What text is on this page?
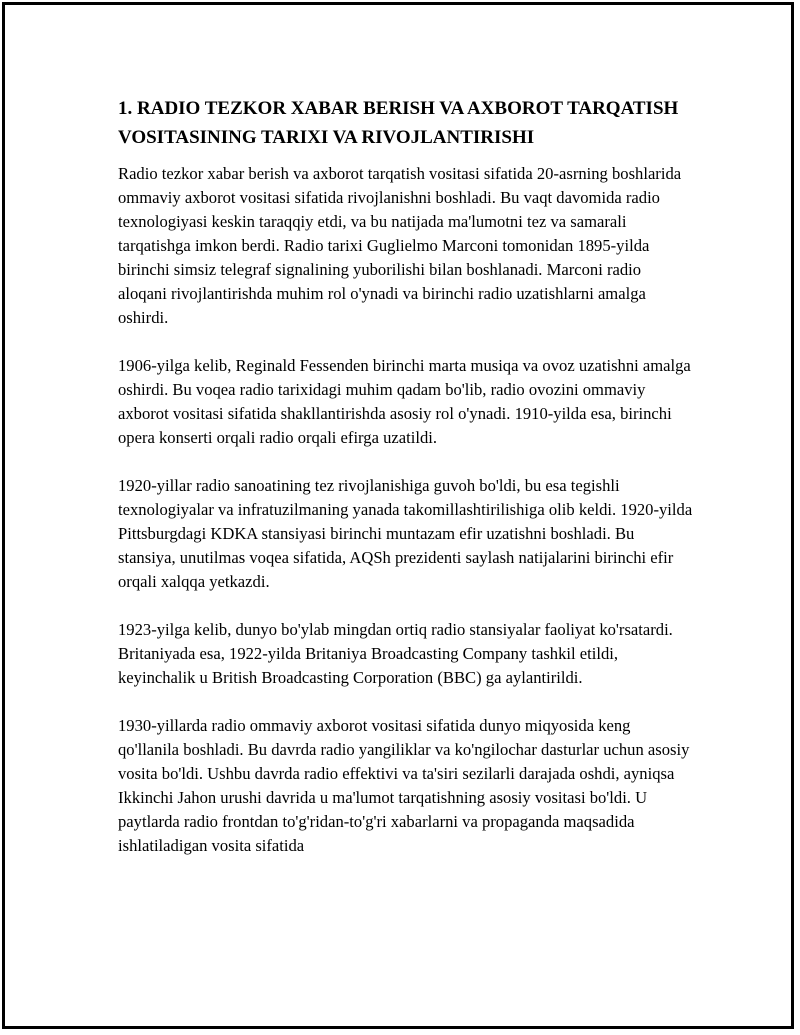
1. RADIO TEZKOR XABAR BERISH VA AXBOROT TARQATISH VOSITASINING TARIXI VA RIVOJLANTIRISHI

Radio tezkor xabar berish va axborot tarqatish vositasi sifatida 20-asrning boshlarida ommaviy axborot vositasi sifatida rivojlanishni boshladi. Bu vaqt davomida radio texnologiyasi keskin taraqqiy etdi, va bu natijada ma'lumotni tez va samarali tarqatishga imkon berdi. Radio tarixi Guglielmo Marconi tomonidan 1895-yilda birinchi simsiz telegraf signalining yuborilishi bilan boshlanadi. Marconi radio aloqani rivojlantirishda muhim rol o'ynadi va birinchi radio uzatishlarni amalga oshirdi.

1906-yilga kelib, Reginald Fessenden birinchi marta musiqa va ovoz uzatishni amalga oshirdi. Bu voqea radio tarixidagi muhim qadam bo'lib, radio ovozini ommaviy axborot vositasi sifatida shakllantirishda asosiy rol o'ynadi. 1910-yilda esa, birinchi opera konserti orqali radio orqali efirga uzatildi.

1920-yillar radio sanoatining tez rivojlanishiga guvoh bo'ldi, bu esa tegishli texnologiyalar va infratuzilmaning yanada takomillashtirilishiga olib keldi. 1920-yilda Pittsburgdagi KDKA stansiyasi birinchi muntazam efir uzatishni boshladi. Bu stansiya, unutilmas voqea sifatida, AQSh prezidenti saylash natijalarini birinchi efir orqali xalqqa yetkazdi.

1923-yilga kelib, dunyo bo'ylab mingdan ortiq radio stansiyalar faoliyat ko'rsatardi. Britaniyada esa, 1922-yilda Britaniya Broadcasting Company tashkil etildi, keyinchalik u British Broadcasting Corporation (BBC) ga aylantirildi.

1930-yillarda radio ommaviy axborot vositasi sifatida dunyo miqyosida keng qo'llanila boshladi. Bu davrda radio yangiliklar va ko'ngilochar dasturlar uchun asosiy vosita bo'ldi. Ushbu davrda radio effektivi va ta'siri sezilarli darajada oshdi, ayniqsa Ikkinchi Jahon urushi davrida u ma'lumot tarqatishning asosiy vositasi bo'ldi. U paytlarda radio frontdan to'g'ridan-to'g'ri xabarlarni va propaganda maqsadida ishlatiladigan vosita sifatida
